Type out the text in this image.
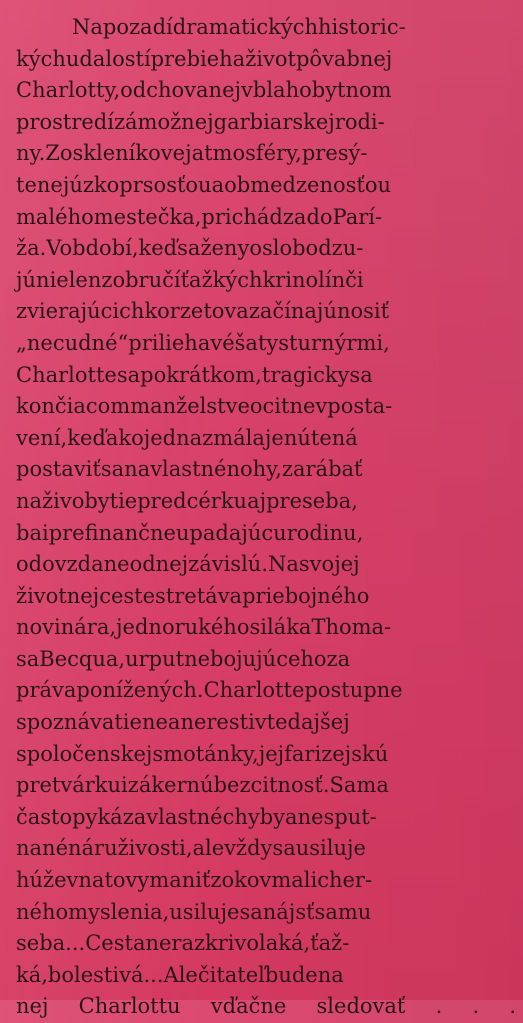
Napozadídramatickýchhistoric-
kýchudalostíprebiehaživotpôvabnej
Charlotty,odchovanejvblahobytnom
prostredízámožnejgarbiarskejrodi-
ny.Zoskleníkovejatmosféry,presý-
tenejúzkoprsosťouaobmedzenosťou
maléhomestečka,prichádzadoParí-
ža.Vobdobí,keďsaženyoslobodzu-
júnielenzobručíťažkýchkrinolínči
zvierajúcichkorzetovazačínajúnosiť
„necudné“priliehavéšatysturnýrmi,
Charlottesapokrátkom,tragickysa
končiacommanželstveocitnevposta-
vení,keďakojednazmálajenútená
postaviťsanavlastnénohy,zarábať
naživobytiepredcérkuajpreseba,
baiprefinančneupadajúcurodinu,
odovzdaneodnejzávislú.Nasvojej
životnejcestestretávapriebojného
novinára,jednorukéhosilákaThoma-
saBecqua,urputnebojujúcehoza
právaponížených.Charlottepostupne
spoznávatieneanerestivtedajšej
spoločenskejsmotánky,jejfarizejskú
pretvárkuizákernúbezcitnosť.Sama
častopykázavlastnéchybyanesput-
nanénáruživosti,alevždysausiluje
húževnatovymaniťzokovmalicher-
néhomyslenia,usilujesanájsťsamu
seba...Cestanerazkrivolaká,ťaž-
ká,bolestivá...Alečitateľbudena
nej Charlottu vďačne sledovať . . .
